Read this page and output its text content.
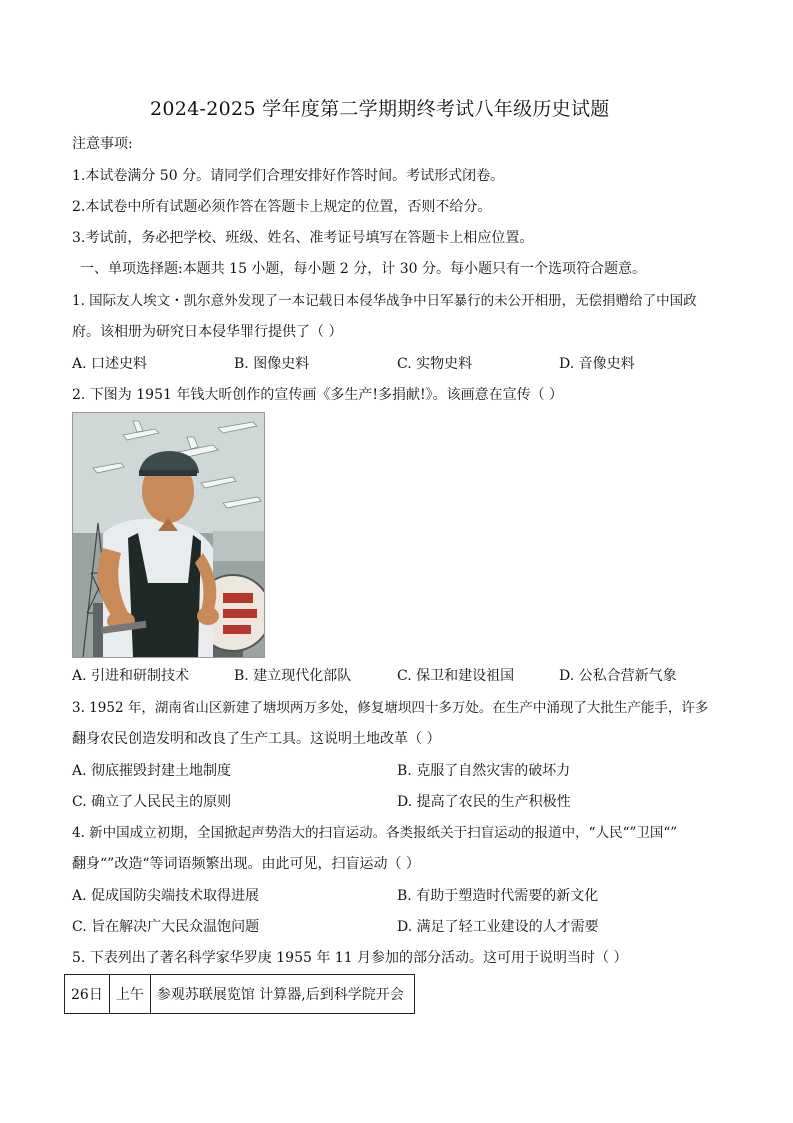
2024-2025 学年度第二学期期终考试八年级历史试题
注意事项:
1.本试卷满分 50 分。请同学们合理安排好作答时间。考试形式闭卷。
2.本试卷中所有试题必须作答在答题卡上规定的位置，否则不给分。
3.考试前，务必把学校、班级、姓名、准考证号填写在答题卡上相应位置。
一、单项选择题:本题共 15 小题，每小题 2 分，计 30 分。每小题只有一个选项符合题意。
1. 国际友人埃文・凯尔意外发现了一本记载日本侵华战争中日军暴行的未公开相册，无偿捐赠给了中国政
府。该相册为研究日本侵华罪行提供了（ ）
A. 口述史料	B. 图像史料	C. 实物史料	D. 音像史料
2. 下图为 1951 年钱大昕创作的宣传画《多生产!多捐献!》。该画意在宣传（ ）
A. 引进和研制技术	B. 建立现代化部队	C. 保卫和建设祖国	D. 公私合营新气象
3. 1952 年，湖南省山区新建了塘坝两万多处，修复塘坝四十多万处。在生产中涌现了大批生产能手，许多
翻身农民创造发明和改良了生产工具。这说明土地改革（ ）
A. 彻底摧毁封建土地制度	B. 克服了自然灾害的破坏力
C. 确立了人民民主的原则	D. 提高了农民的生产积极性
4. 新中国成立初期，全国掀起声势浩大的扫盲运动。各类报纸关于扫盲运动的报道中，“人民“”卫国“”
翻身“”改造“等词语频繁出现。由此可见，扫盲运动（ ）
A. 促成国防尖端技术取得进展	B. 有助于塑造时代需要的新文化
C. 旨在解决广大民众温饱问题	D. 满足了轻工业建设的人才需要
5. 下表列出了著名科学家华罗庚 1955 年 11 月参加的部分活动。这可用于说明当时（ ）
26日	上午	参观苏联展览馆 计算器,后到科学院开会
